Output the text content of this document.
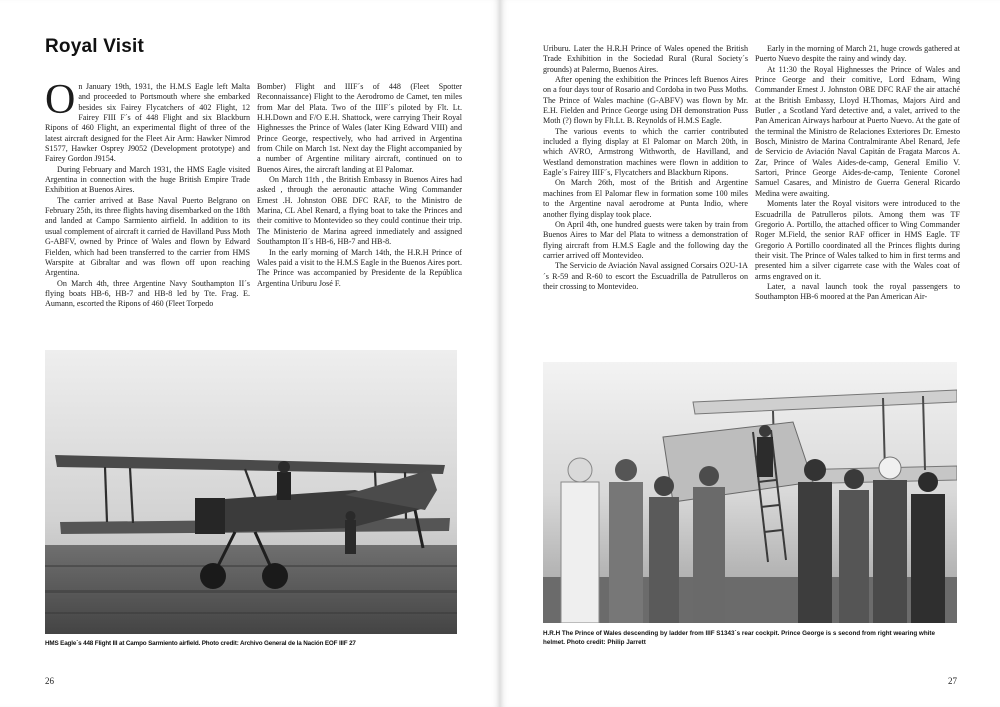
Royal Visit

On January 19th, 1931, the H.M.S Eagle left Malta and proceeded to Portsmouth where she embarked besides six Fairey Flycatchers of 402 Flight, 12 Fairey FIII F´s of 448 Flight and six Blackburn Ripons of 460 Flight, an experimental flight of three of the latest aircraft designed for the Fleet Air Arm: Hawker Nimrod S1577, Hawker Osprey J9052 (Development prototype) and Fairey Gordon J9154.

During February and March 1931, the HMS Eagle visited Argentina in connection with the huge British Empire Trade Exhibition at Buenos Aires.

The carrier arrived at Base Naval Puerto Belgrano on February 25th, its three flights having disembarked on the 18th and landed at Campo Sarmiento airfield. In addition to its usual complement of aircraft it carried de Havilland Puss Moth G-ABFV, owned by Prince of Wales and flown by Edward Fielden, which had been transferred to the carrier from HMS Warspite at Gibraltar and was flown off upon reaching Argentina.

On March 4th, three Argentine Navy Southampton II´s flying boats HB-6, HB-7 and HB-8 led by Tte. Frag. E. Aumann, escorted the Ripons of 460 (Fleet Torpedo

Bomber) Flight and IIIF´s of 448 (Fleet Spotter Reconnaissance) Flight to the Aerodromo de Camet, ten miles from Mar del Plata. Two of the IIIF´s piloted by Flt. Lt. H.H.Down and F/O E.H. Shattock, were carrying Their Royal Highnesses the Prince of Wales (later King Edward VIII) and Prince George, respectively, who had arrived in Argentina from Chile on March 1st. Next day the Flight accompanied by a number of Argentine military aircraft, continued on to Buenos Aires, the aircraft landing at El Palomar.

On March 11th , the British Embassy in Buenos Aires had asked , through the aeronautic attache Wing Commander Ernest .H. Johnston OBE DFC RAF, to the Ministro de Marina, CL Abel Renard, a flying boat to take the Princes and their comitive to Montevideo so they could continue their trip. The Ministerio de Marina agreed inmediately and assigned Southampton II´s HB-6, HB-7 and HB-8.

In the early morning of March 14th, the H.R.H Prince of Wales paid a visit to the H.M.S Eagle in the Buenos Aires port. The Prince was accompanied by Presidente de la República Argentina Uriburu José F.

HMS Eagle´s 448 Flight III at Campo Sarmiento airfield. Photo credit: Archivo General de la Nación EOF IIIF 27
26

Uriburu. Later the H.R.H Prince of Wales opened the British Trade Exhibition in the Sociedad Rural (Rural Society´s grounds) at Palermo, Buenos Aires.

After opening the exhibition the Princes left Buenos Aires on a four days tour of Rosario and Cordoba in two Puss Moths. The Prince of Wales machine (G-ABFV) was flown by Mr. E.H. Fielden and Prince George using DH demonstration Puss Moth (?) flown by Flt.Lt. B. Reynolds of H.M.S Eagle.

The various events to which the carrier contributed included a flying display at El Palomar on March 20th, in which AVRO, Armstrong Withworth, de Havilland, and Westland demonstration machines were flown in addition to Eagle´s Fairey IIIF´s, Flycatchers and Blackburn Ripons.

On March 26th, most of the British and Argentine machines from El Palomar flew in formation some 100 miles to the Argentine naval aerodrome at Punta Indio, where another flying display took place.

On April 4th, one hundred guests were taken by train from Buenos Aires to Mar del Plata to witness a demonstration of flying aircraft from H.M.S Eagle and the following day the carrier arrived off Montevideo.

The Servicio de Aviación Naval assigned Corsairs O2U-1A´s R-59 and R-60 to escort the Escuadrilla de Patrulleros on their crossing to Montevideo.

Early in the morning of March 21, huge crowds gathered at Puerto Nuevo despite the rainy and windy day.

At 11:30 the Royal Highnesses the Prince of Wales and Prince George and their comitive, Lord Ednam, Wing Commander Ernest J. Johnston OBE DFC RAF the air attaché at the British Embassy, Lloyd H.Thomas, Majors Aird and Butler , a Scotland Yard detective and, a valet, arrived to the Pan American Airways harbour at Puerto Nuevo. At the gate of the terminal the Ministro de Relaciones Exteriores Dr. Ernesto Bosch, Ministro de Marina Contralmirante Abel Renard, Jefe de Servicio de Aviación Naval Capitán de Fragata Marcos A. Zar, Prince of Wales Aides-de-camp, General Emilio V. Sartori, Prince George Aides-de-camp, Teniente Coronel Samuel Casares, and Ministro de Guerra General Ricardo Medina were awaiting.

Moments later the Royal visitors were introduced to the Escuadrilla de Patrulleros pilots. Among them was TF Gregorio A. Portillo, the attached officer to Wing Commander Roger M.Field, the senior RAF officer in HMS Eagle. TF Gregorio A Portillo coordinated all the Princes flights during their visit. The Prince of Wales talked to him in first terms and presented him a silver cigarrete case with the Wales coat of arms engraved on it.

Later, a naval launch took the royal passengers to Southampton HB-6 moored at the Pan American Air-

H.R.H The Prince of Wales descending by ladder from IIIF S1343´s rear cockpit. Prince George is s second from right wearing white helmet. Photo credit: Philip Jarrett
27
